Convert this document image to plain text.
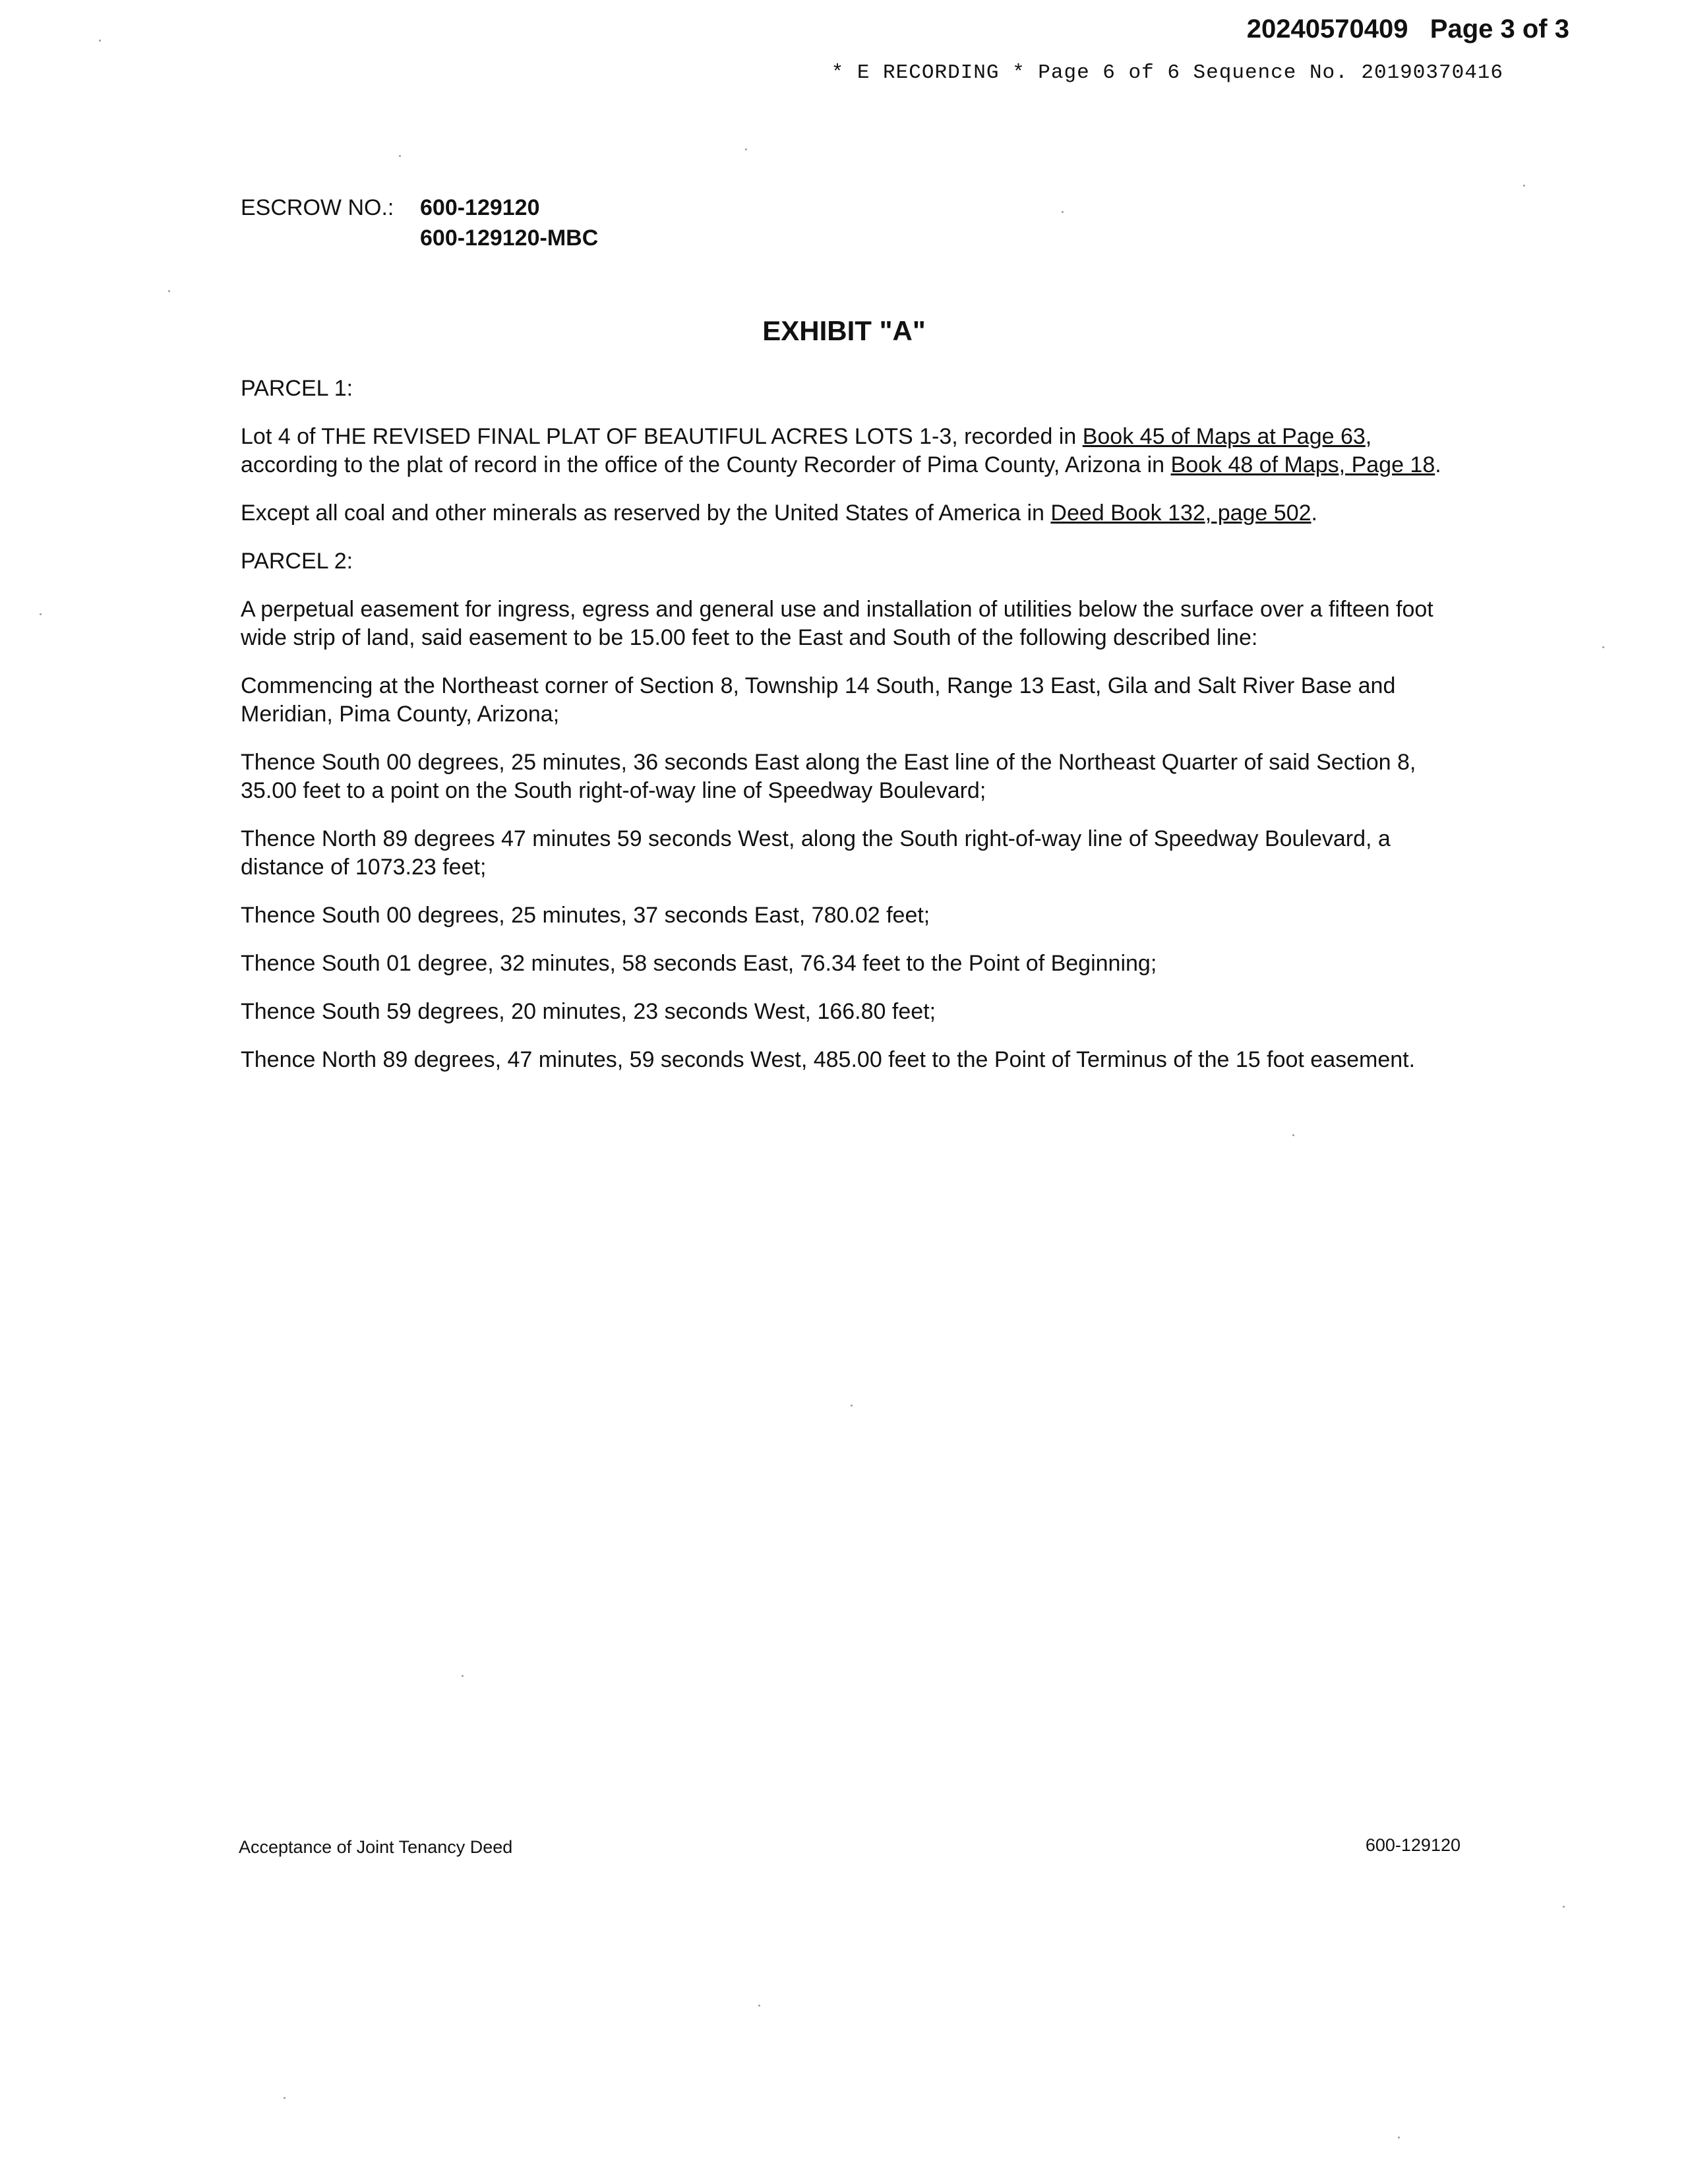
20240570409 Page 3 of 3
* E RECORDING * Page 6 of 6 Sequence No. 20190370416
ESCROW NO.: 600-129120
600-129120-MBC
EXHIBIT "A"

PARCEL 1:

Lot 4 of THE REVISED FINAL PLAT OF BEAUTIFUL ACRES LOTS 1-3, recorded in Book 45 of Maps at Page 63, according to the plat of record in the office of the County Recorder of Pima County, Arizona in Book 48 of Maps, Page 18.

Except all coal and other minerals as reserved by the United States of America in Deed Book 132, page 502.

PARCEL 2:

A perpetual easement for ingress, egress and general use and installation of utilities below the surface over a fifteen foot wide strip of land, said easement to be 15.00 feet to the East and South of the following described line:

Commencing at the Northeast corner of Section 8, Township 14 South, Range 13 East, Gila and Salt River Base and Meridian, Pima County, Arizona;

Thence South 00 degrees, 25 minutes, 36 seconds East along the East line of the Northeast Quarter of said Section 8, 35.00 feet to a point on the South right-of-way line of Speedway Boulevard;

Thence North 89 degrees 47 minutes 59 seconds West, along the South right-of-way line of Speedway Boulevard, a distance of 1073.23 feet;

Thence South 00 degrees, 25 minutes, 37 seconds East, 780.02 feet;

Thence South 01 degree, 32 minutes, 58 seconds East, 76.34 feet to the Point of Beginning;

Thence South 59 degrees, 20 minutes, 23 seconds West, 166.80 feet;

Thence North 89 degrees, 47 minutes, 59 seconds West, 485.00 feet to the Point of Terminus of the 15 foot easement.

Acceptance of Joint Tenancy Deed	600-129120
